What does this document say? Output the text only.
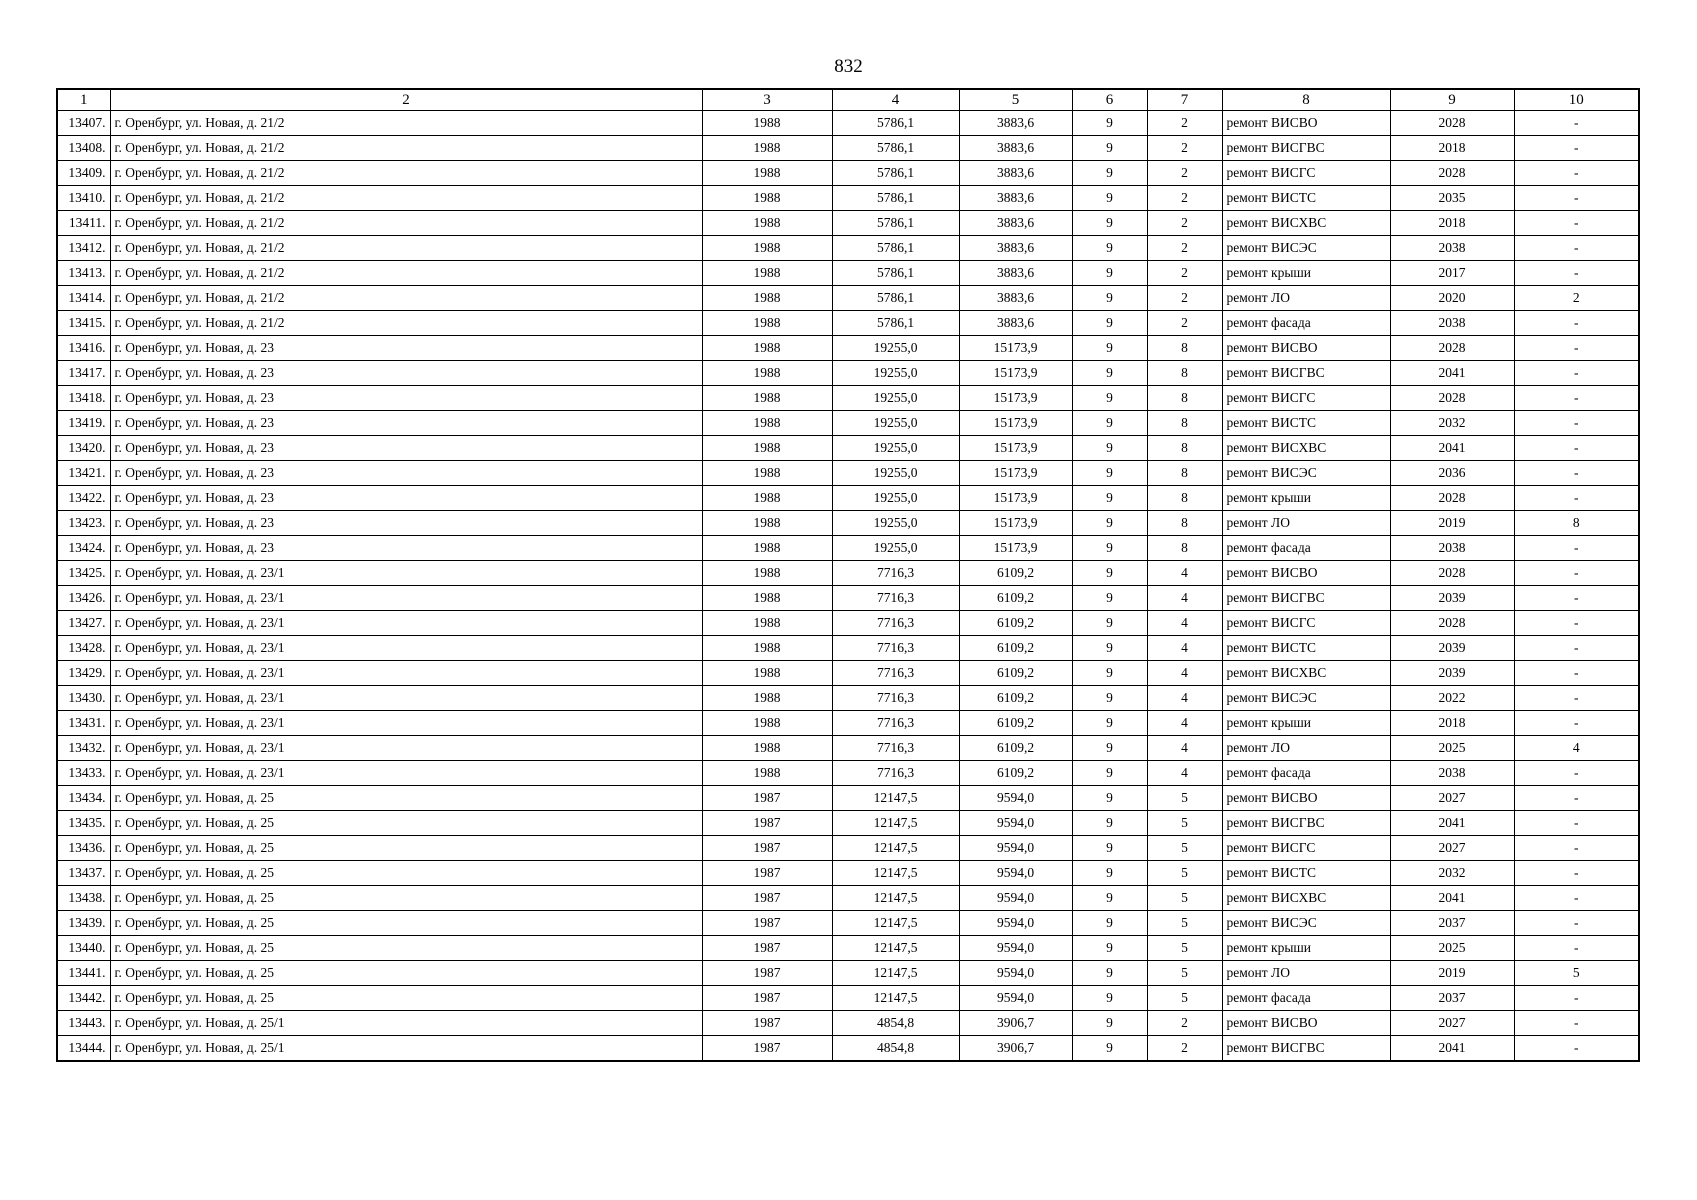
832
1	2	3	4	5	6	7	8	9	10
13407.	г. Оренбург, ул. Новая, д. 21/2	1988	5786,1	3883,6	9	2	ремонт ВИСВО	2028	-
13408.	г. Оренбург, ул. Новая, д. 21/2	1988	5786,1	3883,6	9	2	ремонт ВИСГВС	2018	-
13409.	г. Оренбург, ул. Новая, д. 21/2	1988	5786,1	3883,6	9	2	ремонт ВИСГС	2028	-
13410.	г. Оренбург, ул. Новая, д. 21/2	1988	5786,1	3883,6	9	2	ремонт ВИСТС	2035	-
13411.	г. Оренбург, ул. Новая, д. 21/2	1988	5786,1	3883,6	9	2	ремонт ВИСХВС	2018	-
13412.	г. Оренбург, ул. Новая, д. 21/2	1988	5786,1	3883,6	9	2	ремонт ВИСЭС	2038	-
13413.	г. Оренбург, ул. Новая, д. 21/2	1988	5786,1	3883,6	9	2	ремонт крыши	2017	-
13414.	г. Оренбург, ул. Новая, д. 21/2	1988	5786,1	3883,6	9	2	ремонт ЛО	2020	2
13415.	г. Оренбург, ул. Новая, д. 21/2	1988	5786,1	3883,6	9	2	ремонт фасада	2038	-
13416.	г. Оренбург, ул. Новая, д. 23	1988	19255,0	15173,9	9	8	ремонт ВИСВО	2028	-
13417.	г. Оренбург, ул. Новая, д. 23	1988	19255,0	15173,9	9	8	ремонт ВИСГВС	2041	-
13418.	г. Оренбург, ул. Новая, д. 23	1988	19255,0	15173,9	9	8	ремонт ВИСГС	2028	-
13419.	г. Оренбург, ул. Новая, д. 23	1988	19255,0	15173,9	9	8	ремонт ВИСТС	2032	-
13420.	г. Оренбург, ул. Новая, д. 23	1988	19255,0	15173,9	9	8	ремонт ВИСХВС	2041	-
13421.	г. Оренбург, ул. Новая, д. 23	1988	19255,0	15173,9	9	8	ремонт ВИСЭС	2036	-
13422.	г. Оренбург, ул. Новая, д. 23	1988	19255,0	15173,9	9	8	ремонт крыши	2028	-
13423.	г. Оренбург, ул. Новая, д. 23	1988	19255,0	15173,9	9	8	ремонт ЛО	2019	8
13424.	г. Оренбург, ул. Новая, д. 23	1988	19255,0	15173,9	9	8	ремонт фасада	2038	-
13425.	г. Оренбург, ул. Новая, д. 23/1	1988	7716,3	6109,2	9	4	ремонт ВИСВО	2028	-
13426.	г. Оренбург, ул. Новая, д. 23/1	1988	7716,3	6109,2	9	4	ремонт ВИСГВС	2039	-
13427.	г. Оренбург, ул. Новая, д. 23/1	1988	7716,3	6109,2	9	4	ремонт ВИСГС	2028	-
13428.	г. Оренбург, ул. Новая, д. 23/1	1988	7716,3	6109,2	9	4	ремонт ВИСТС	2039	-
13429.	г. Оренбург, ул. Новая, д. 23/1	1988	7716,3	6109,2	9	4	ремонт ВИСХВС	2039	-
13430.	г. Оренбург, ул. Новая, д. 23/1	1988	7716,3	6109,2	9	4	ремонт ВИСЭС	2022	-
13431.	г. Оренбург, ул. Новая, д. 23/1	1988	7716,3	6109,2	9	4	ремонт крыши	2018	-
13432.	г. Оренбург, ул. Новая, д. 23/1	1988	7716,3	6109,2	9	4	ремонт ЛО	2025	4
13433.	г. Оренбург, ул. Новая, д. 23/1	1988	7716,3	6109,2	9	4	ремонт фасада	2038	-
13434.	г. Оренбург, ул. Новая, д. 25	1987	12147,5	9594,0	9	5	ремонт ВИСВО	2027	-
13435.	г. Оренбург, ул. Новая, д. 25	1987	12147,5	9594,0	9	5	ремонт ВИСГВС	2041	-
13436.	г. Оренбург, ул. Новая, д. 25	1987	12147,5	9594,0	9	5	ремонт ВИСГС	2027	-
13437.	г. Оренбург, ул. Новая, д. 25	1987	12147,5	9594,0	9	5	ремонт ВИСТС	2032	-
13438.	г. Оренбург, ул. Новая, д. 25	1987	12147,5	9594,0	9	5	ремонт ВИСХВС	2041	-
13439.	г. Оренбург, ул. Новая, д. 25	1987	12147,5	9594,0	9	5	ремонт ВИСЭС	2037	-
13440.	г. Оренбург, ул. Новая, д. 25	1987	12147,5	9594,0	9	5	ремонт крыши	2025	-
13441.	г. Оренбург, ул. Новая, д. 25	1987	12147,5	9594,0	9	5	ремонт ЛО	2019	5
13442.	г. Оренбург, ул. Новая, д. 25	1987	12147,5	9594,0	9	5	ремонт фасада	2037	-
13443.	г. Оренбург, ул. Новая, д. 25/1	1987	4854,8	3906,7	9	2	ремонт ВИСВО	2027	-
13444.	г. Оренбург, ул. Новая, д. 25/1	1987	4854,8	3906,7	9	2	ремонт ВИСГВС	2041	-
